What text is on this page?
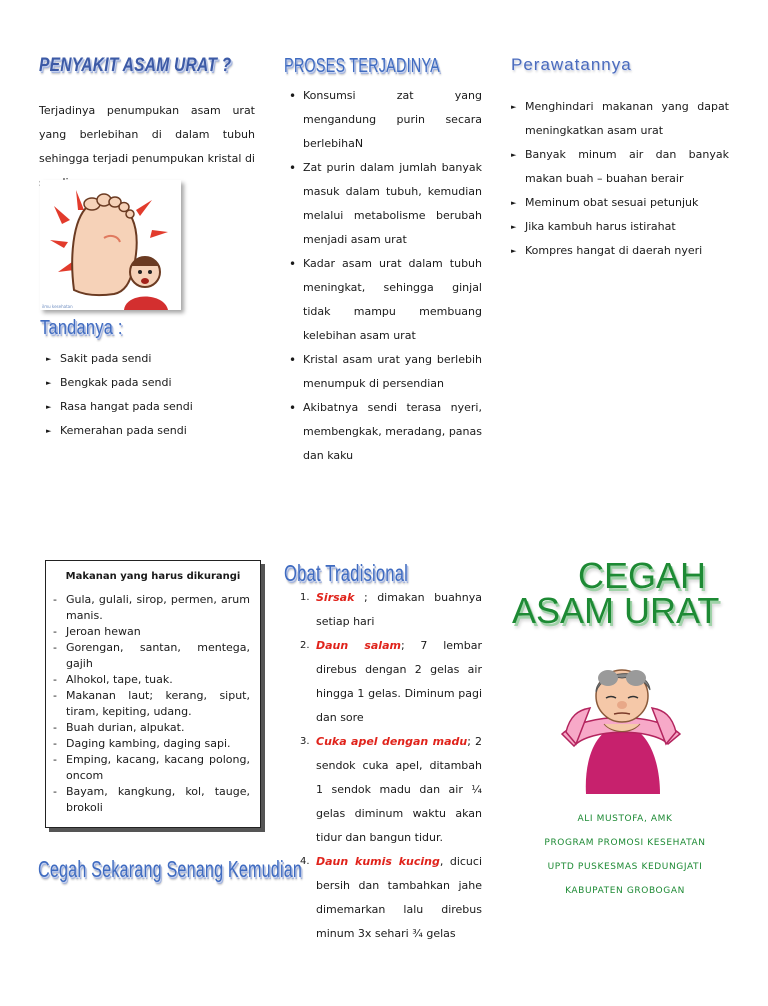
PENYAKIT ASAM URAT ?
Terjadinya penumpukan asam urat yang berlebihan di dalam tubuh sehingga terjadi penumpukan kristal di
ilmu kesehatan
Tandanya :
► Sakit pada sendi
► Bengkak pada sendi
► Rasa hangat pada sendi
► Kemerahan pada sendi
Makanan yang harus dikurangi
- Gula, gulali, sirop, permen, arum manis.
- Jeroan hewan
- Gorengan, santan, mentega, gajih
- Alhokol, tape, tuak.
- Makanan laut; kerang, siput, tiram, kepiting, udang.
- Buah durian, alpukat.
- Daging kambing, daging sapi.
- Emping, kacang, kacang polong, oncom
- Bayam, kangkung, kol, tauge, brokoli
Cegah Sekarang Senang Kemudian
PROSES TERJADINYA
• Konsumsi zat yang mengandung purin secara berlebihaN
• Zat purin dalam jumlah banyak masuk dalam tubuh, kemudian melalui metabolisme berubah menjadi asam urat
• Kadar asam urat dalam tubuh meningkat, sehingga ginjal tidak mampu membuang kelebihan asam urat
• Kristal asam urat yang berlebih menumpuk di persendian
• Akibatnya sendi terasa nyeri, membengkak, meradang, panas dan kaku
Obat Tradisional
1. Sirsak ; dimakan buahnya setiap hari
2. Daun salam; 7 lembar direbus dengan 2 gelas air hingga 1 gelas. Diminum pagi dan sore
3. Cuka apel dengan madu; 2 sendok cuka apel, ditambah 1 sendok madu dan air ¼ gelas diminum waktu akan tidur dan bangun tidur.
4. Daun kumis kucing, dicuci bersih dan tambahkan jahe dimemarkan lalu direbus minum 3x sehari ¾ gelas
Perawatannya
► Menghindari makanan yang dapat meningkatkan asam urat
► Banyak minum air dan banyak makan buah – buahan berair
► Meminum obat sesuai petunjuk
► Jika kambuh harus istirahat
► Kompres hangat di daerah nyeri
CEGAH
ASAM URAT
ALI MUSTOFA, AMK
PROGRAM PROMOSI KESEHATAN
UPTD PUSKESMAS KEDUNGJATI
KABUPATEN GROBOGAN
